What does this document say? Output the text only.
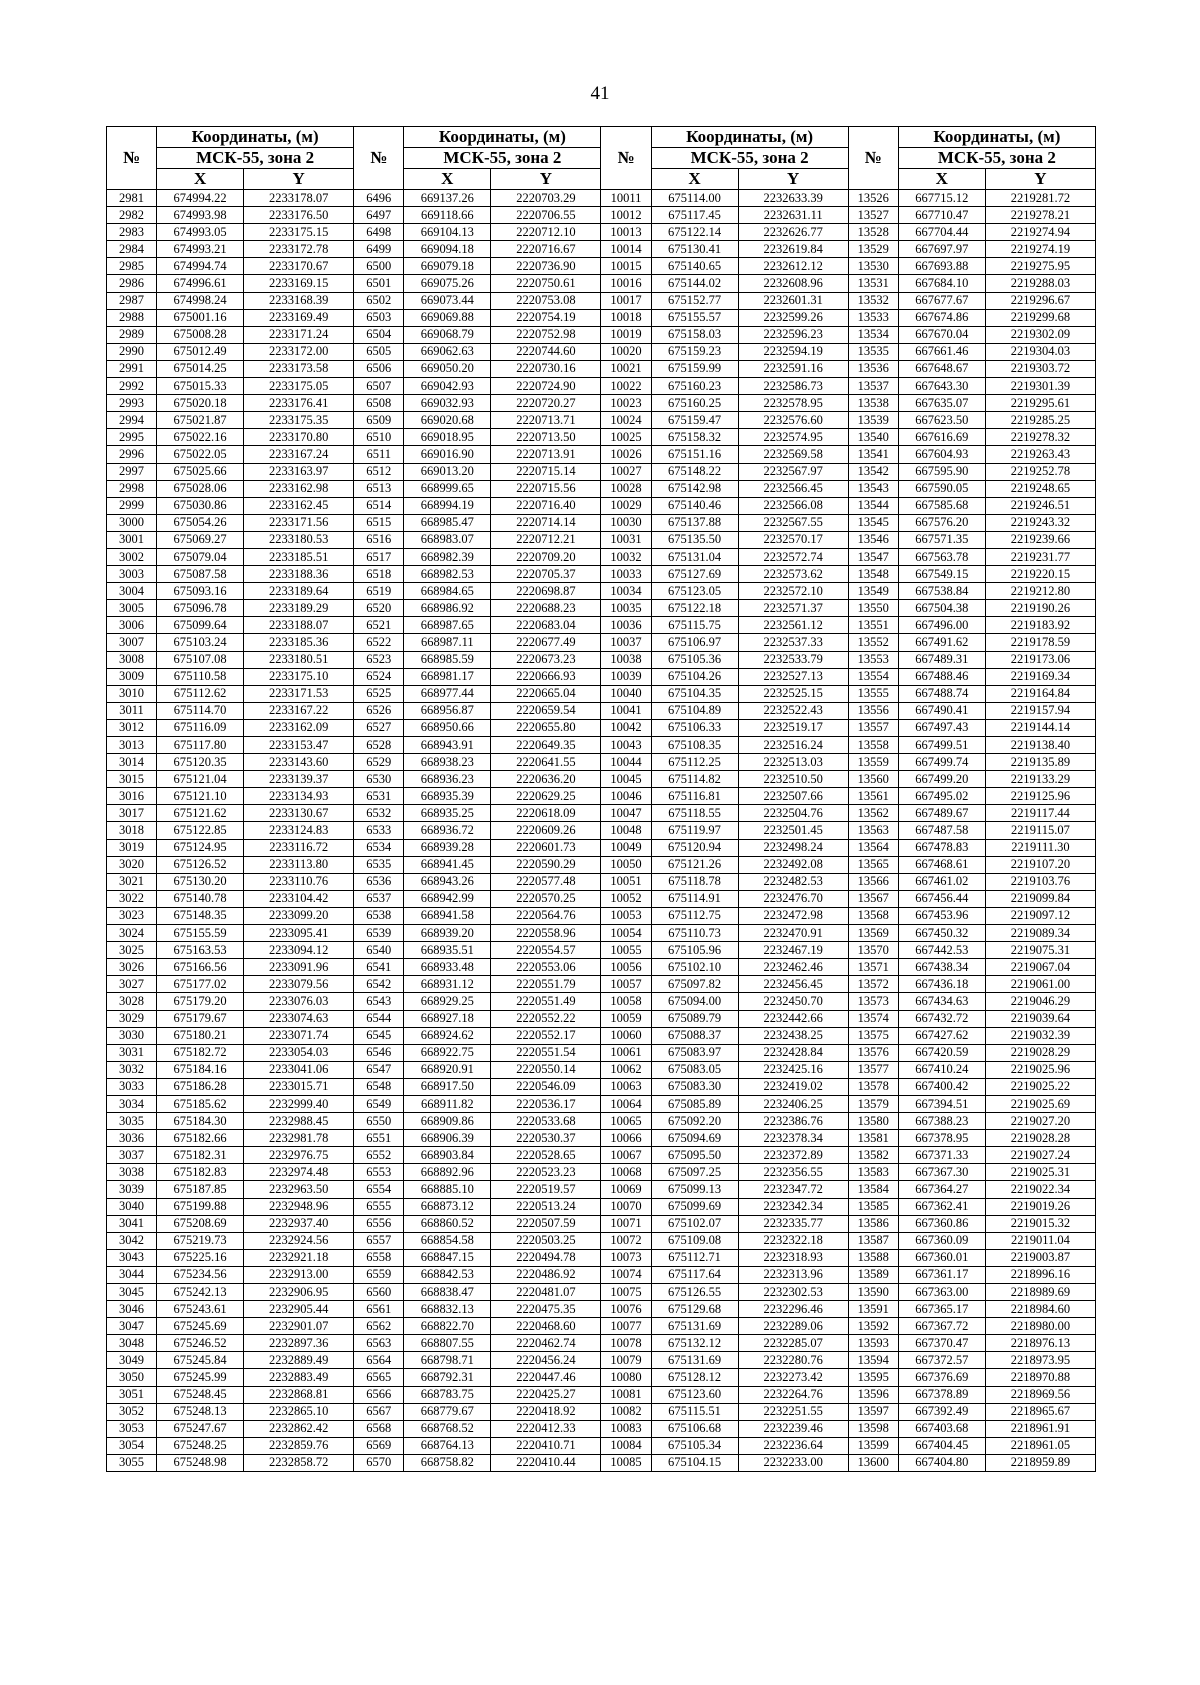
41
№	Координаты, (м)		№	Координаты, (м)		№	Координаты, (м)		№	Координаты, (м)	
	МСК-55, зона 2			МСК-55, зона 2			МСК-55, зона 2			МСК-55, зона 2	
	X	Y		X	Y		X	Y		X	Y
2981	674994.22	2233178.07	6496	669137.26	2220703.29	10011	675114.00	2232633.39	13526	667715.12	2219281.72
2982	674993.98	2233176.50	6497	669118.66	2220706.55	10012	675117.45	2232631.11	13527	667710.47	2219278.21
2983	674993.05	2233175.15	6498	669104.13	2220712.10	10013	675122.14	2232626.77	13528	667704.44	2219274.94
2984	674993.21	2233172.78	6499	669094.18	2220716.67	10014	675130.41	2232619.84	13529	667697.97	2219274.19
2985	674994.74	2233170.67	6500	669079.18	2220736.90	10015	675140.65	2232612.12	13530	667693.88	2219275.95
2986	674996.61	2233169.15	6501	669075.26	2220750.61	10016	675144.02	2232608.96	13531	667684.10	2219288.03
2987	674998.24	2233168.39	6502	669073.44	2220753.08	10017	675152.77	2232601.31	13532	667677.67	2219296.67
2988	675001.16	2233169.49	6503	669069.88	2220754.19	10018	675155.57	2232599.26	13533	667674.86	2219299.68
2989	675008.28	2233171.24	6504	669068.79	2220752.98	10019	675158.03	2232596.23	13534	667670.04	2219302.09
2990	675012.49	2233172.00	6505	669062.63	2220744.60	10020	675159.23	2232594.19	13535	667661.46	2219304.03
2991	675014.25	2233173.58	6506	669050.20	2220730.16	10021	675159.99	2232591.16	13536	667648.67	2219303.72
2992	675015.33	2233175.05	6507	669042.93	2220724.90	10022	675160.23	2232586.73	13537	667643.30	2219301.39
2993	675020.18	2233176.41	6508	669032.93	2220720.27	10023	675160.25	2232578.95	13538	667635.07	2219295.61
2994	675021.87	2233175.35	6509	669020.68	2220713.71	10024	675159.47	2232576.60	13539	667623.50	2219285.25
2995	675022.16	2233170.80	6510	669018.95	2220713.50	10025	675158.32	2232574.95	13540	667616.69	2219278.32
2996	675022.05	2233167.24	6511	669016.90	2220713.91	10026	675151.16	2232569.58	13541	667604.93	2219263.43
2997	675025.66	2233163.97	6512	669013.20	2220715.14	10027	675148.22	2232567.97	13542	667595.90	2219252.78
2998	675028.06	2233162.98	6513	668999.65	2220715.56	10028	675142.98	2232566.45	13543	667590.05	2219248.65
2999	675030.86	2233162.45	6514	668994.19	2220716.40	10029	675140.46	2232566.08	13544	667585.68	2219246.51
3000	675054.26	2233171.56	6515	668985.47	2220714.14	10030	675137.88	2232567.55	13545	667576.20	2219243.32
3001	675069.27	2233180.53	6516	668983.07	2220712.21	10031	675135.50	2232570.17	13546	667571.35	2219239.66
3002	675079.04	2233185.51	6517	668982.39	2220709.20	10032	675131.04	2232572.74	13547	667563.78	2219231.77
3003	675087.58	2233188.36	6518	668982.53	2220705.37	10033	675127.69	2232573.62	13548	667549.15	2219220.15
3004	675093.16	2233189.64	6519	668984.65	2220698.87	10034	675123.05	2232572.10	13549	667538.84	2219212.80
3005	675096.78	2233189.29	6520	668986.92	2220688.23	10035	675122.18	2232571.37	13550	667504.38	2219190.26
3006	675099.64	2233188.07	6521	668987.65	2220683.04	10036	675115.75	2232561.12	13551	667496.00	2219183.92
3007	675103.24	2233185.36	6522	668987.11	2220677.49	10037	675106.97	2232537.33	13552	667491.62	2219178.59
3008	675107.08	2233180.51	6523	668985.59	2220673.23	10038	675105.36	2232533.79	13553	667489.31	2219173.06
3009	675110.58	2233175.10	6524	668981.17	2220666.93	10039	675104.26	2232527.13	13554	667488.46	2219169.34
3010	675112.62	2233171.53	6525	668977.44	2220665.04	10040	675104.35	2232525.15	13555	667488.74	2219164.84
3011	675114.70	2233167.22	6526	668956.87	2220659.54	10041	675104.89	2232522.43	13556	667490.41	2219157.94
3012	675116.09	2233162.09	6527	668950.66	2220655.80	10042	675106.33	2232519.17	13557	667497.43	2219144.14
3013	675117.80	2233153.47	6528	668943.91	2220649.35	10043	675108.35	2232516.24	13558	667499.51	2219138.40
3014	675120.35	2233143.60	6529	668938.23	2220641.55	10044	675112.25	2232513.03	13559	667499.74	2219135.89
3015	675121.04	2233139.37	6530	668936.23	2220636.20	10045	675114.82	2232510.50	13560	667499.20	2219133.29
3016	675121.10	2233134.93	6531	668935.39	2220629.25	10046	675116.81	2232507.66	13561	667495.02	2219125.96
3017	675121.62	2233130.67	6532	668935.25	2220618.09	10047	675118.55	2232504.76	13562	667489.67	2219117.44
3018	675122.85	2233124.83	6533	668936.72	2220609.26	10048	675119.97	2232501.45	13563	667487.58	2219115.07
3019	675124.95	2233116.72	6534	668939.28	2220601.73	10049	675120.94	2232498.24	13564	667478.83	2219111.30
3020	675126.52	2233113.80	6535	668941.45	2220590.29	10050	675121.26	2232492.08	13565	667468.61	2219107.20
3021	675130.20	2233110.76	6536	668943.26	2220577.48	10051	675118.78	2232482.53	13566	667461.02	2219103.76
3022	675140.78	2233104.42	6537	668942.99	2220570.25	10052	675114.91	2232476.70	13567	667456.44	2219099.84
3023	675148.35	2233099.20	6538	668941.58	2220564.76	10053	675112.75	2232472.98	13568	667453.96	2219097.12
3024	675155.59	2233095.41	6539	668939.20	2220558.96	10054	675110.73	2232470.91	13569	667450.32	2219089.34
3025	675163.53	2233094.12	6540	668935.51	2220554.57	10055	675105.96	2232467.19	13570	667442.53	2219075.31
3026	675166.56	2233091.96	6541	668933.48	2220553.06	10056	675102.10	2232462.46	13571	667438.34	2219067.04
3027	675177.02	2233079.56	6542	668931.12	2220551.79	10057	675097.82	2232456.45	13572	667436.18	2219061.00
3028	675179.20	2233076.03	6543	668929.25	2220551.49	10058	675094.00	2232450.70	13573	667434.63	2219046.29
3029	675179.67	2233074.63	6544	668927.18	2220552.22	10059	675089.79	2232442.66	13574	667432.72	2219039.64
3030	675180.21	2233071.74	6545	668924.62	2220552.17	10060	675088.37	2232438.25	13575	667427.62	2219032.39
3031	675182.72	2233054.03	6546	668922.75	2220551.54	10061	675083.97	2232428.84	13576	667420.59	2219028.29
3032	675184.16	2233041.06	6547	668920.91	2220550.14	10062	675083.05	2232425.16	13577	667410.24	2219025.96
3033	675186.28	2233015.71	6548	668917.50	2220546.09	10063	675083.30	2232419.02	13578	667400.42	2219025.22
3034	675185.62	2232999.40	6549	668911.82	2220536.17	10064	675085.89	2232406.25	13579	667394.51	2219025.69
3035	675184.30	2232988.45	6550	668909.86	2220533.68	10065	675092.20	2232386.76	13580	667388.23	2219027.20
3036	675182.66	2232981.78	6551	668906.39	2220530.37	10066	675094.69	2232378.34	13581	667378.95	2219028.28
3037	675182.31	2232976.75	6552	668903.84	2220528.65	10067	675095.50	2232372.89	13582	667371.33	2219027.24
3038	675182.83	2232974.48	6553	668892.96	2220523.23	10068	675097.25	2232356.55	13583	667367.30	2219025.31
3039	675187.85	2232963.50	6554	668885.10	2220519.57	10069	675099.13	2232347.72	13584	667364.27	2219022.34
3040	675199.88	2232948.96	6555	668873.12	2220513.24	10070	675099.69	2232342.34	13585	667362.41	2219019.26
3041	675208.69	2232937.40	6556	668860.52	2220507.59	10071	675102.07	2232335.77	13586	667360.86	2219015.32
3042	675219.73	2232924.56	6557	668854.58	2220503.25	10072	675109.08	2232322.18	13587	667360.09	2219011.04
3043	675225.16	2232921.18	6558	668847.15	2220494.78	10073	675112.71	2232318.93	13588	667360.01	2219003.87
3044	675234.56	2232913.00	6559	668842.53	2220486.92	10074	675117.64	2232313.96	13589	667361.17	2218996.16
3045	675242.13	2232906.95	6560	668838.47	2220481.07	10075	675126.55	2232302.53	13590	667363.00	2218989.69
3046	675243.61	2232905.44	6561	668832.13	2220475.35	10076	675129.68	2232296.46	13591	667365.17	2218984.60
3047	675245.69	2232901.07	6562	668822.70	2220468.60	10077	675131.69	2232289.06	13592	667367.72	2218980.00
3048	675246.52	2232897.36	6563	668807.55	2220462.74	10078	675132.12	2232285.07	13593	667370.47	2218976.13
3049	675245.84	2232889.49	6564	668798.71	2220456.24	10079	675131.69	2232280.76	13594	667372.57	2218973.95
3050	675245.99	2232883.49	6565	668792.31	2220447.46	10080	675128.12	2232273.42	13595	667376.69	2218970.88
3051	675248.45	2232868.81	6566	668783.75	2220425.27	10081	675123.60	2232264.76	13596	667378.89	2218969.56
3052	675248.13	2232865.10	6567	668779.67	2220418.92	10082	675115.51	2232251.55	13597	667392.49	2218965.67
3053	675247.67	2232862.42	6568	668768.52	2220412.33	10083	675106.68	2232239.46	13598	667403.68	2218961.91
3054	675248.25	2232859.76	6569	668764.13	2220410.71	10084	675105.34	2232236.64	13599	667404.45	2218961.05
3055	675248.98	2232858.72	6570	668758.82	2220410.44	10085	675104.15	2232233.00	13600	667404.80	2218959.89
